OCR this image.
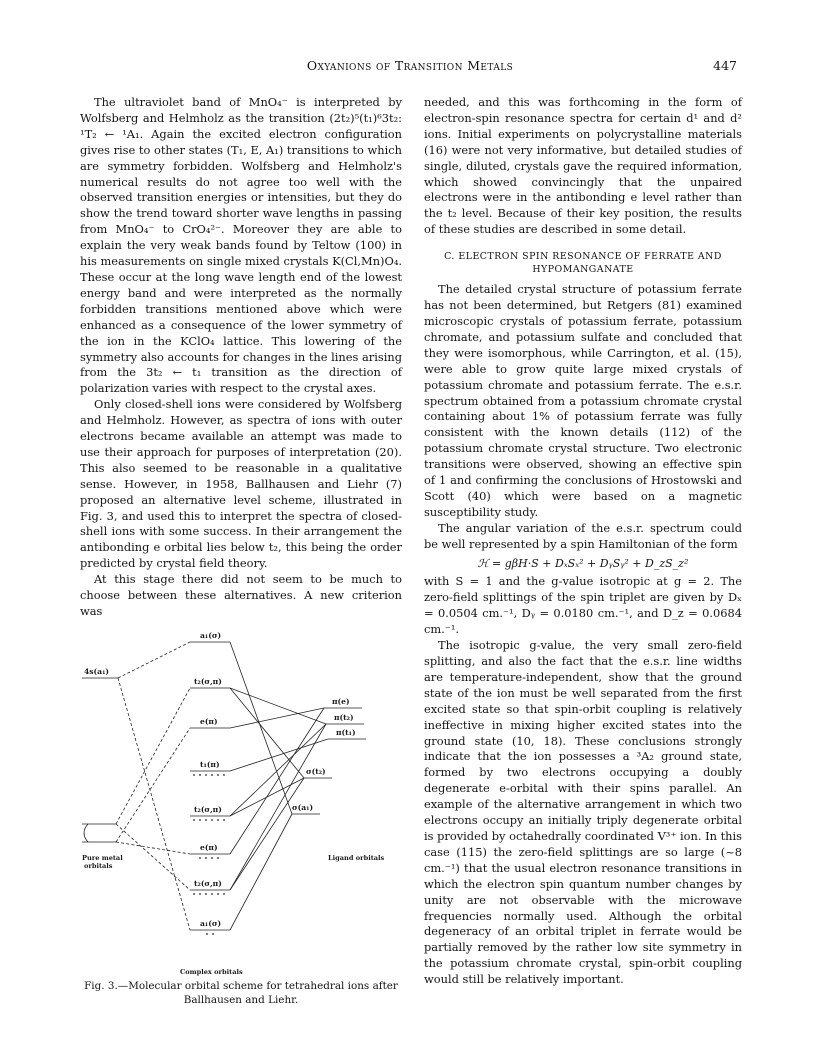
Oxyanions of Transition Metals	447

The ultraviolet band of MnO₄⁻ is interpreted by Wolfsberg and Helmholz as the transition (2t₂)⁵(t₁)⁶3t₂: ¹T₂ ← ¹A₁. Again the excited electron configuration gives rise to other states (T₁, E, A₁) transitions to which are symmetry forbidden. Wolfsberg and Helmholz's numerical results do not agree too well with the observed transition energies or intensities, but they do show the trend toward shorter wave lengths in passing from MnO₄⁻ to CrO₄²⁻. Moreover they are able to explain the very weak bands found by Teltow (100) in his measurements on single mixed crystals K(Cl,Mn)O₄. These occur at the long wave length end of the lowest energy band and were interpreted as the normally forbidden transitions mentioned above which were enhanced as a consequence of the lower symmetry of the ion in the KClO₄ lattice. This lowering of the symmetry also accounts for changes in the lines arising from the 3t₂ ← t₁ transition as the direction of polarization varies with respect to the crystal axes.

Only closed-shell ions were considered by Wolfsberg and Helmholz. However, as spectra of ions with outer electrons became available an attempt was made to use their approach for purposes of interpretation (20). This also seemed to be reasonable in a qualitative sense. However, in 1958, Ballhausen and Liehr (7) proposed an alternative level scheme, illustrated in Fig. 3, and used this to interpret the spectra of closed-shell ions with some success. In their arrangement the antibonding e orbital lies below t₂, this being the order predicted by crystal field theory.

At this stage there did not seem to be much to choose between these alternatives. A new criterion was

a₁(σ)
t₂(σ,π)
e(π)
t₁(π)
t₂(σ,π)
e(π)
t₂(σ,π)
a₁(σ)
4s(a₁)
π(e)
π(t₂)
π(t₁)
σ(t₂)
σ(a₁)
Pure metal
orbitals
Ligand orbitals
Complex orbitals
Fig. 3.—Molecular orbital scheme for tetrahedral ions after Ballhausen and Liehr.

needed, and this was forthcoming in the form of electron-spin resonance spectra for certain d¹ and d² ions. Initial experiments on polycrystalline materials (16) were not very informative, but detailed studies of single, diluted, crystals gave the required information, which showed convincingly that the unpaired electrons were in the antibonding e level rather than the t₂ level. Because of their key position, the results of these studies are described in some detail.

C. ELECTRON SPIN RESONANCE OF FERRATE AND HYPOMANGANATE

The detailed crystal structure of potassium ferrate has not been determined, but Retgers (81) examined microscopic crystals of potassium ferrate, potassium chromate, and potassium sulfate and concluded that they were isomorphous, while Carrington, et al. (15), were able to grow quite large mixed crystals of potassium chromate and potassium ferrate. The e.s.r. spectrum obtained from a potassium chromate crystal containing about 1% of potassium ferrate was fully consistent with the known details (112) of the potassium chromate crystal structure. Two electronic transitions were observed, showing an effective spin of 1 and confirming the conclusions of Hrostowski and Scott (40) which were based on a magnetic susceptibility study.

The angular variation of the e.s.r. spectrum could be well represented by a spin Hamiltonian of the form

ℋ = gβH·S + DₓSₓ² + DᵧSᵧ² + D_zS_z²

with S = 1 and the g-value isotropic at g = 2. The zero-field splittings of the spin triplet are given by Dₓ = 0.0504 cm.⁻¹, Dᵧ = 0.0180 cm.⁻¹, and D_z = 0.0684 cm.⁻¹.

The isotropic g-value, the very small zero-field splitting, and also the fact that the e.s.r. line widths are temperature-independent, show that the ground state of the ion must be well separated from the first excited state so that spin-orbit coupling is relatively ineffective in mixing higher excited states into the ground state (10, 18). These conclusions strongly indicate that the ion possesses a ³A₂ ground state, formed by two electrons occupying a doubly degenerate e-orbital with their spins parallel. An example of the alternative arrangement in which two electrons occupy an initially triply degenerate orbital is provided by octahedrally coordinated V³⁺ ion. In this case (115) the zero-field splittings are so large (~8 cm.⁻¹) that the usual electron resonance transitions in which the electron spin quantum number changes by unity are not observable with the microwave frequencies normally used. Although the orbital degeneracy of an orbital triplet in ferrate would be partially removed by the rather low site symmetry in the potassium chromate crystal, spin-orbit coupling would still be relatively important.
